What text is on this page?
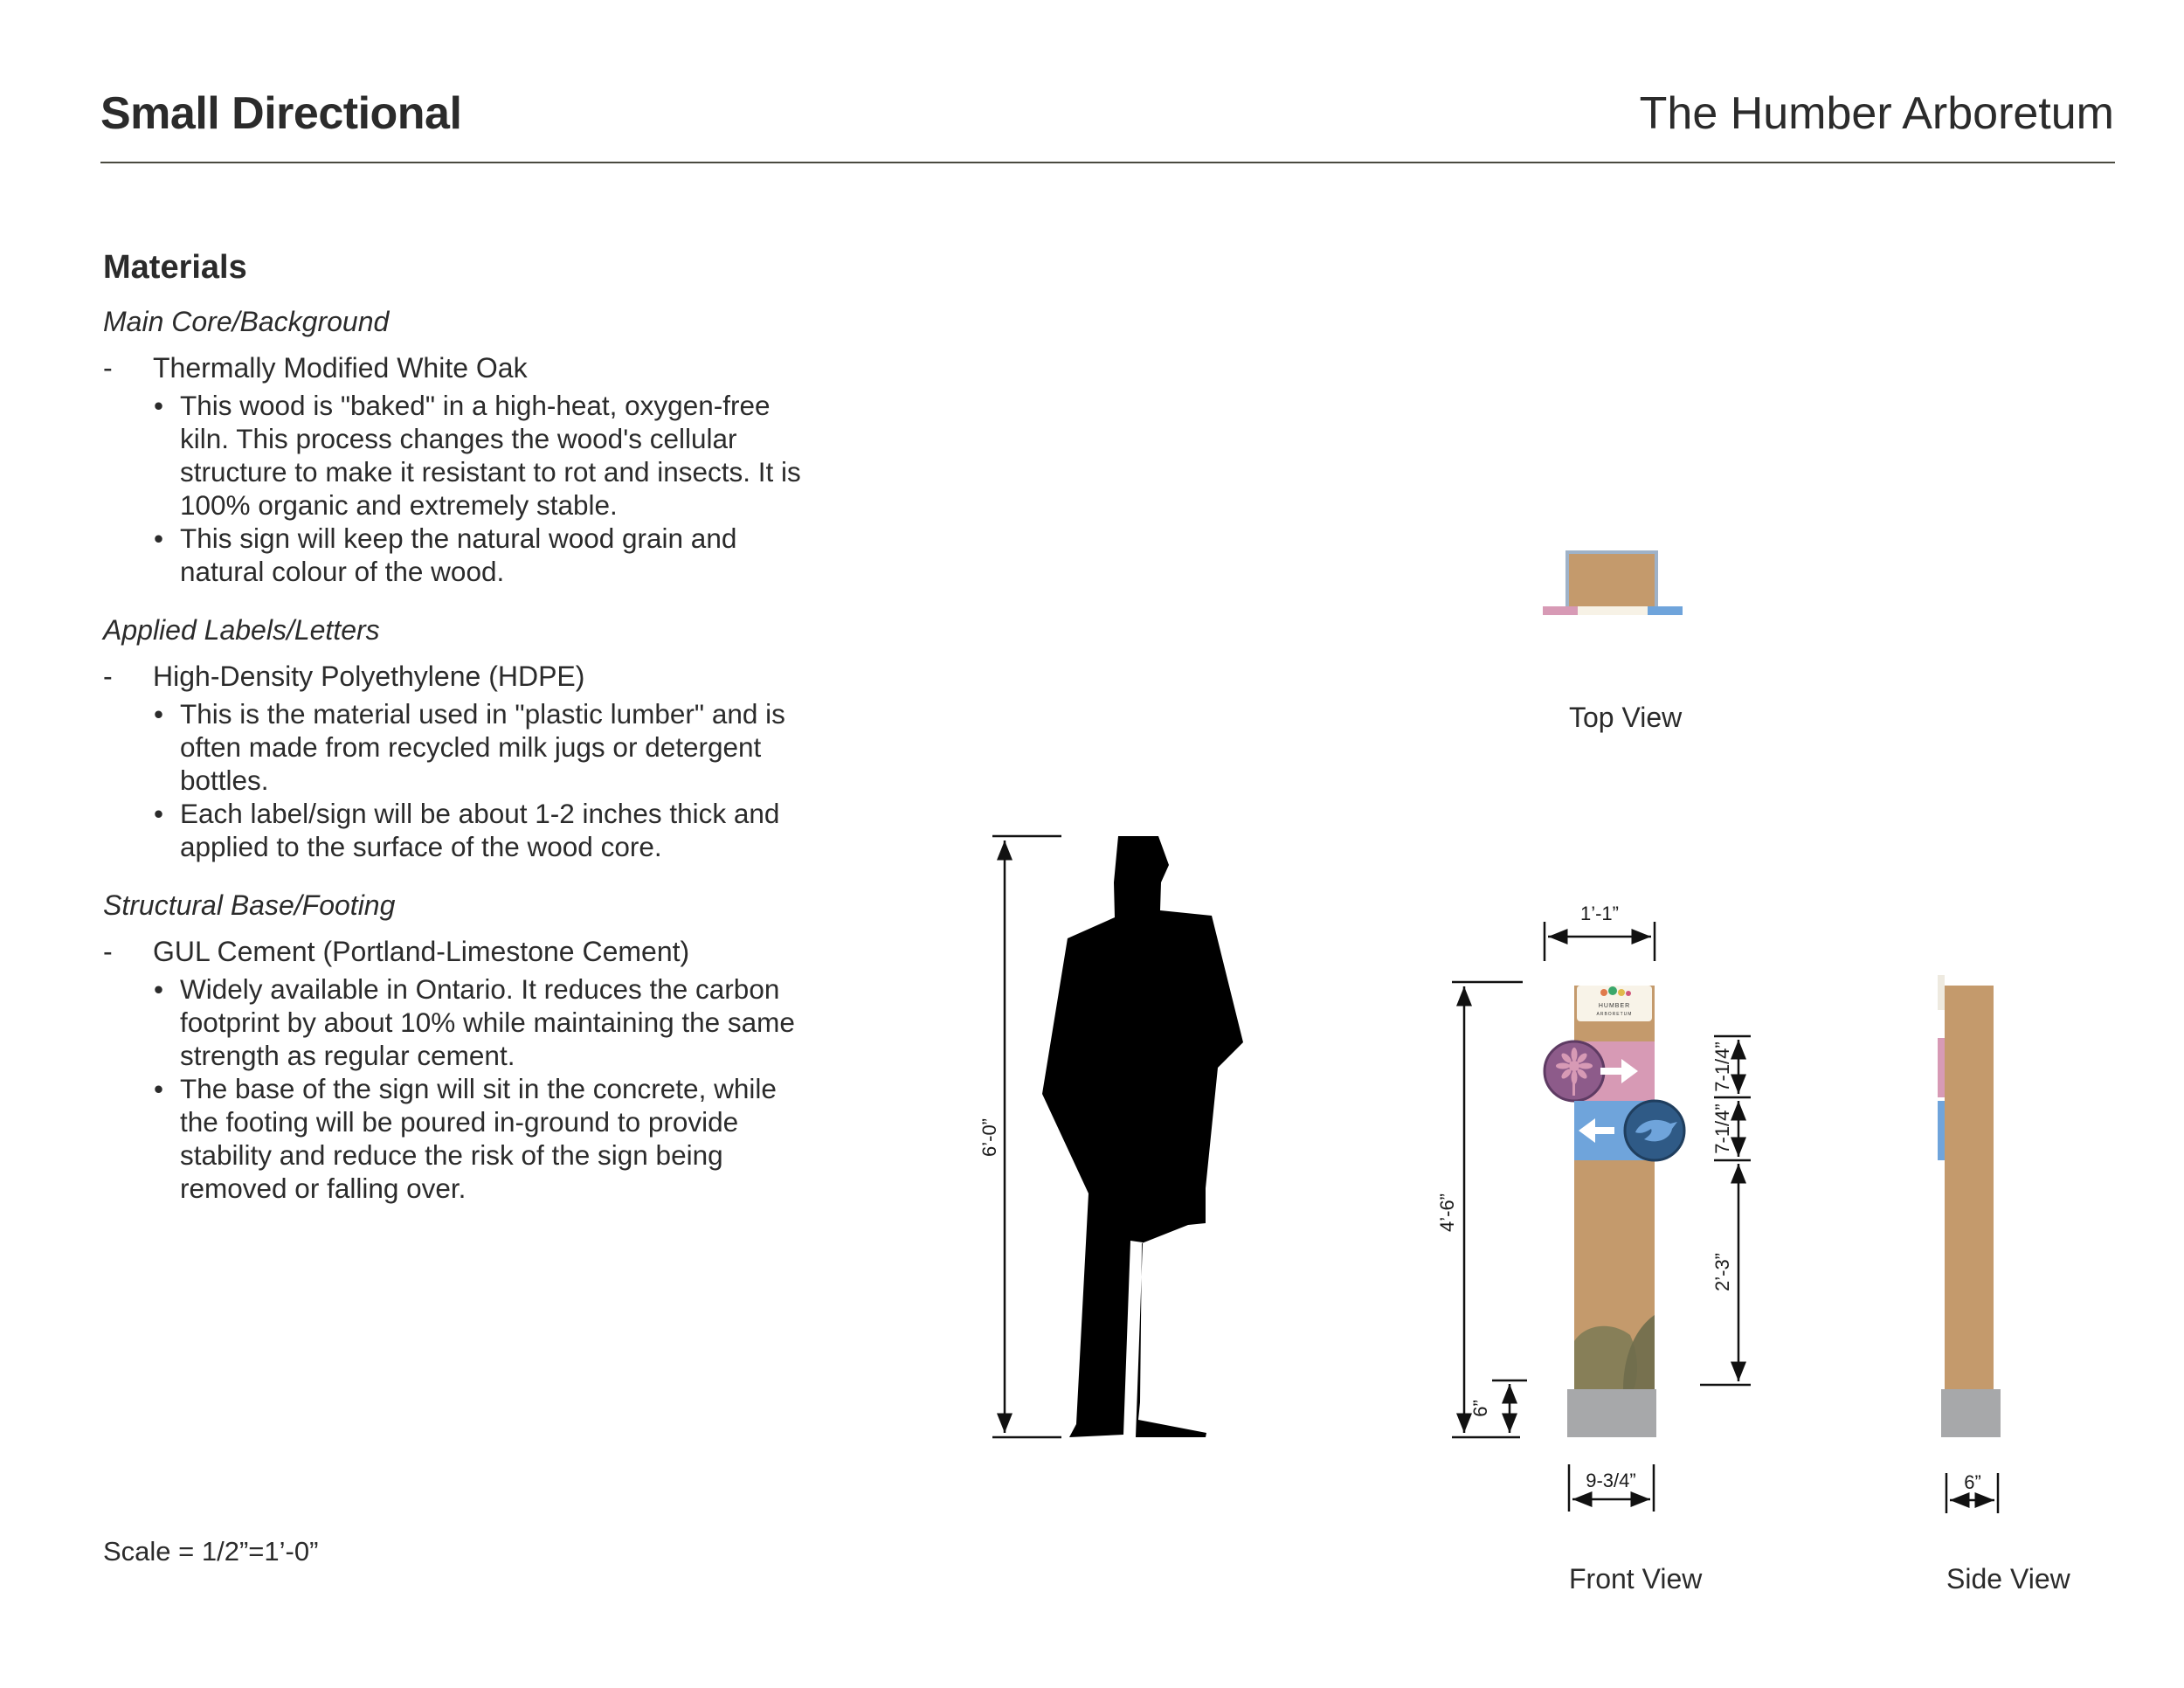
Small Directional	The Humber Arboretum
Materials
Main Core/Background
-	Thermally Modified White Oak
• This wood is "baked" in a high-heat, oxygen-free kiln. This process changes the wood's cellular structure to make it resistant to rot and insects. It is 100% organic and extremely stable.
• This sign will keep the natural wood grain and natural colour of the wood.
Applied Labels/Letters
-	High-Density Polyethylene (HDPE)
• This is the material used in "plastic lumber" and is often made from recycled milk jugs or detergent bottles.
• Each label/sign will be about 1-2 inches thick and applied to the surface of the wood core.
Structural Base/Footing
-	GUL Cement (Portland-Limestone Cement)
• Widely available in Ontario. It reduces the carbon footprint by about 10% while maintaining the same strength as regular cement.
• The base of the sign will sit in the concrete, while the footing will be poured in-ground to provide stability and reduce the risk of the sign being removed or falling over.
Scale = 1/2”=1’-0”
Top View
6’-0”
1’-1”
HUMBER
ARBORETUM
4’-6”
6”
7-1/4”
7-1/4”
2’-3”
9-3/4”
Front View
6”
Side View
